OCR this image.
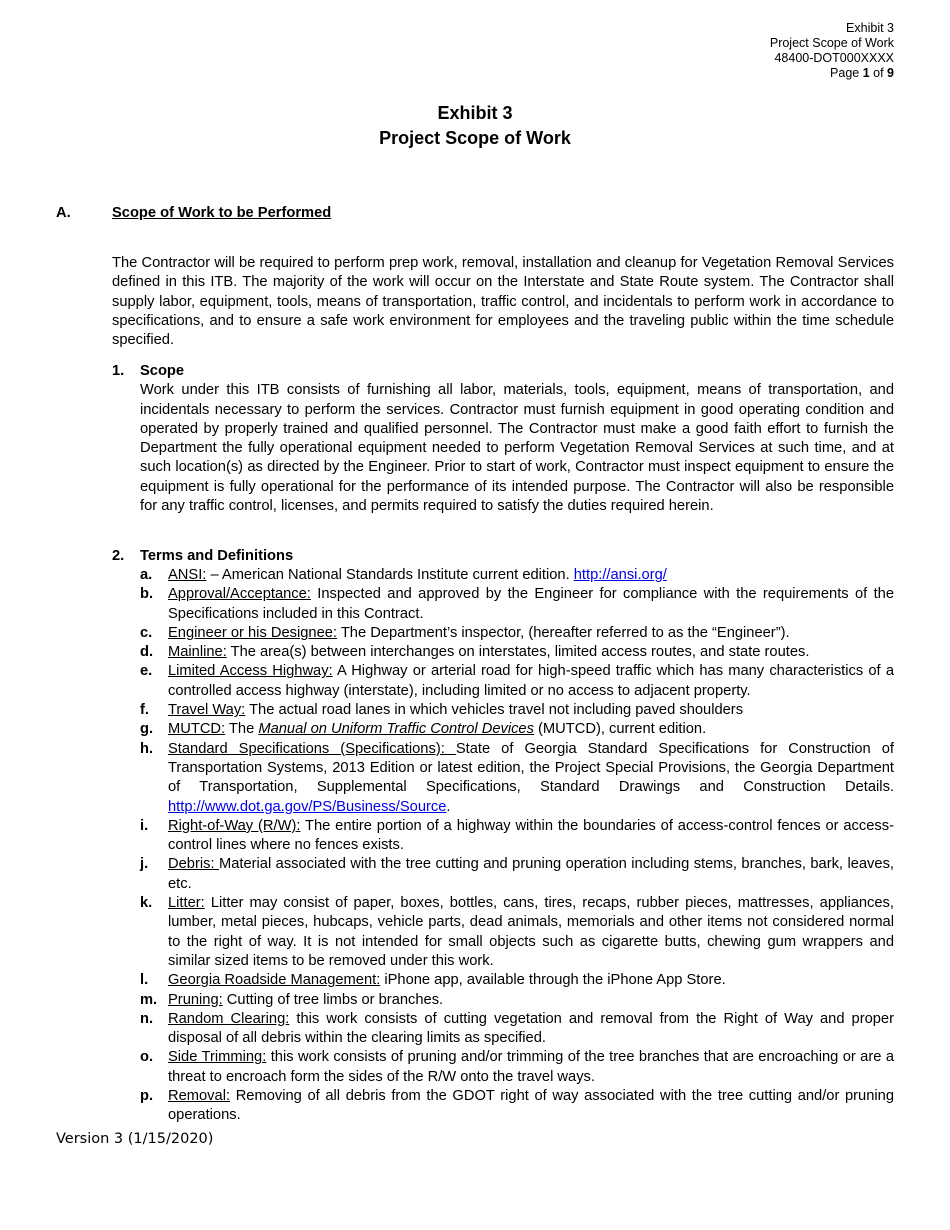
Exhibit 3
Project Scope of Work
48400-DOT000XXXX
Page 1 of 9
Exhibit 3
Project Scope of Work
A.	Scope of Work to be Performed
The Contractor will be required to perform prep work, removal, installation and cleanup for Vegetation Removal Services defined in this ITB. The majority of the work will occur on the Interstate and State Route system. The Contractor shall supply labor, equipment, tools, means of transportation, traffic control, and incidentals to perform work in accordance to specifications, and to ensure a safe work environment for employees and the traveling public within the time schedule specified.
1. Scope
Work under this ITB consists of furnishing all labor, materials, tools, equipment, means of transportation, and incidentals necessary to perform the services. Contractor must furnish equipment in good operating condition and operated by properly trained and qualified personnel. The Contractor must make a good faith effort to furnish the Department the fully operational equipment needed to perform Vegetation Removal Services at such time, and at such location(s) as directed by the Engineer. Prior to start of work, Contractor must inspect equipment to ensure the equipment is fully operational for the performance of its intended purpose. The Contractor will also be responsible for any traffic control, licenses, and permits required to satisfy the duties required herein.
2. Terms and Definitions
a. ANSI: – American National Standards Institute current edition. http://ansi.org/
b. Approval/Acceptance: Inspected and approved by the Engineer for compliance with the requirements of the Specifications included in this Contract.
c. Engineer or his Designee: The Department’s inspector, (hereafter referred to as the “Engineer”).
d. Mainline: The area(s) between interchanges on interstates, limited access routes, and state routes.
e. Limited Access Highway: A Highway or arterial road for high-speed traffic which has many characteristics of a controlled access highway (interstate), including limited or no access to adjacent property.
f. Travel Way: The actual road lanes in which vehicles travel not including paved shoulders
g. MUTCD: The Manual on Uniform Traffic Control Devices (MUTCD), current edition.
h. Standard Specifications (Specifications): State of Georgia Standard Specifications for Construction of Transportation Systems, 2013 Edition or latest edition, the Project Special Provisions, the Georgia Department of Transportation, Supplemental Specifications, Standard Drawings and Construction Details. http://www.dot.ga.gov/PS/Business/Source.
i. Right-of-Way (R/W): The entire portion of a highway within the boundaries of access-control fences or access-control lines where no fences exists.
j. Debris: Material associated with the tree cutting and pruning operation including stems, branches, bark, leaves, etc.
k. Litter: Litter may consist of paper, boxes, bottles, cans, tires, recaps, rubber pieces, mattresses, appliances, lumber, metal pieces, hubcaps, vehicle parts, dead animals, memorials and other items not considered normal to the right of way. It is not intended for small objects such as cigarette butts, chewing gum wrappers and similar sized items to be removed under this work.
l. Georgia Roadside Management: iPhone app, available through the iPhone App Store.
m. Pruning: Cutting of tree limbs or branches.
n. Random Clearing: this work consists of cutting vegetation and removal from the Right of Way and proper disposal of all debris within the clearing limits as specified.
o. Side Trimming: this work consists of pruning and/or trimming of the tree branches that are encroaching or are a threat to encroach form the sides of the R/W onto the travel ways.
p. Removal: Removing of all debris from the GDOT right of way associated with the tree cutting and/or pruning operations.
Version 3 (1/15/2020)
